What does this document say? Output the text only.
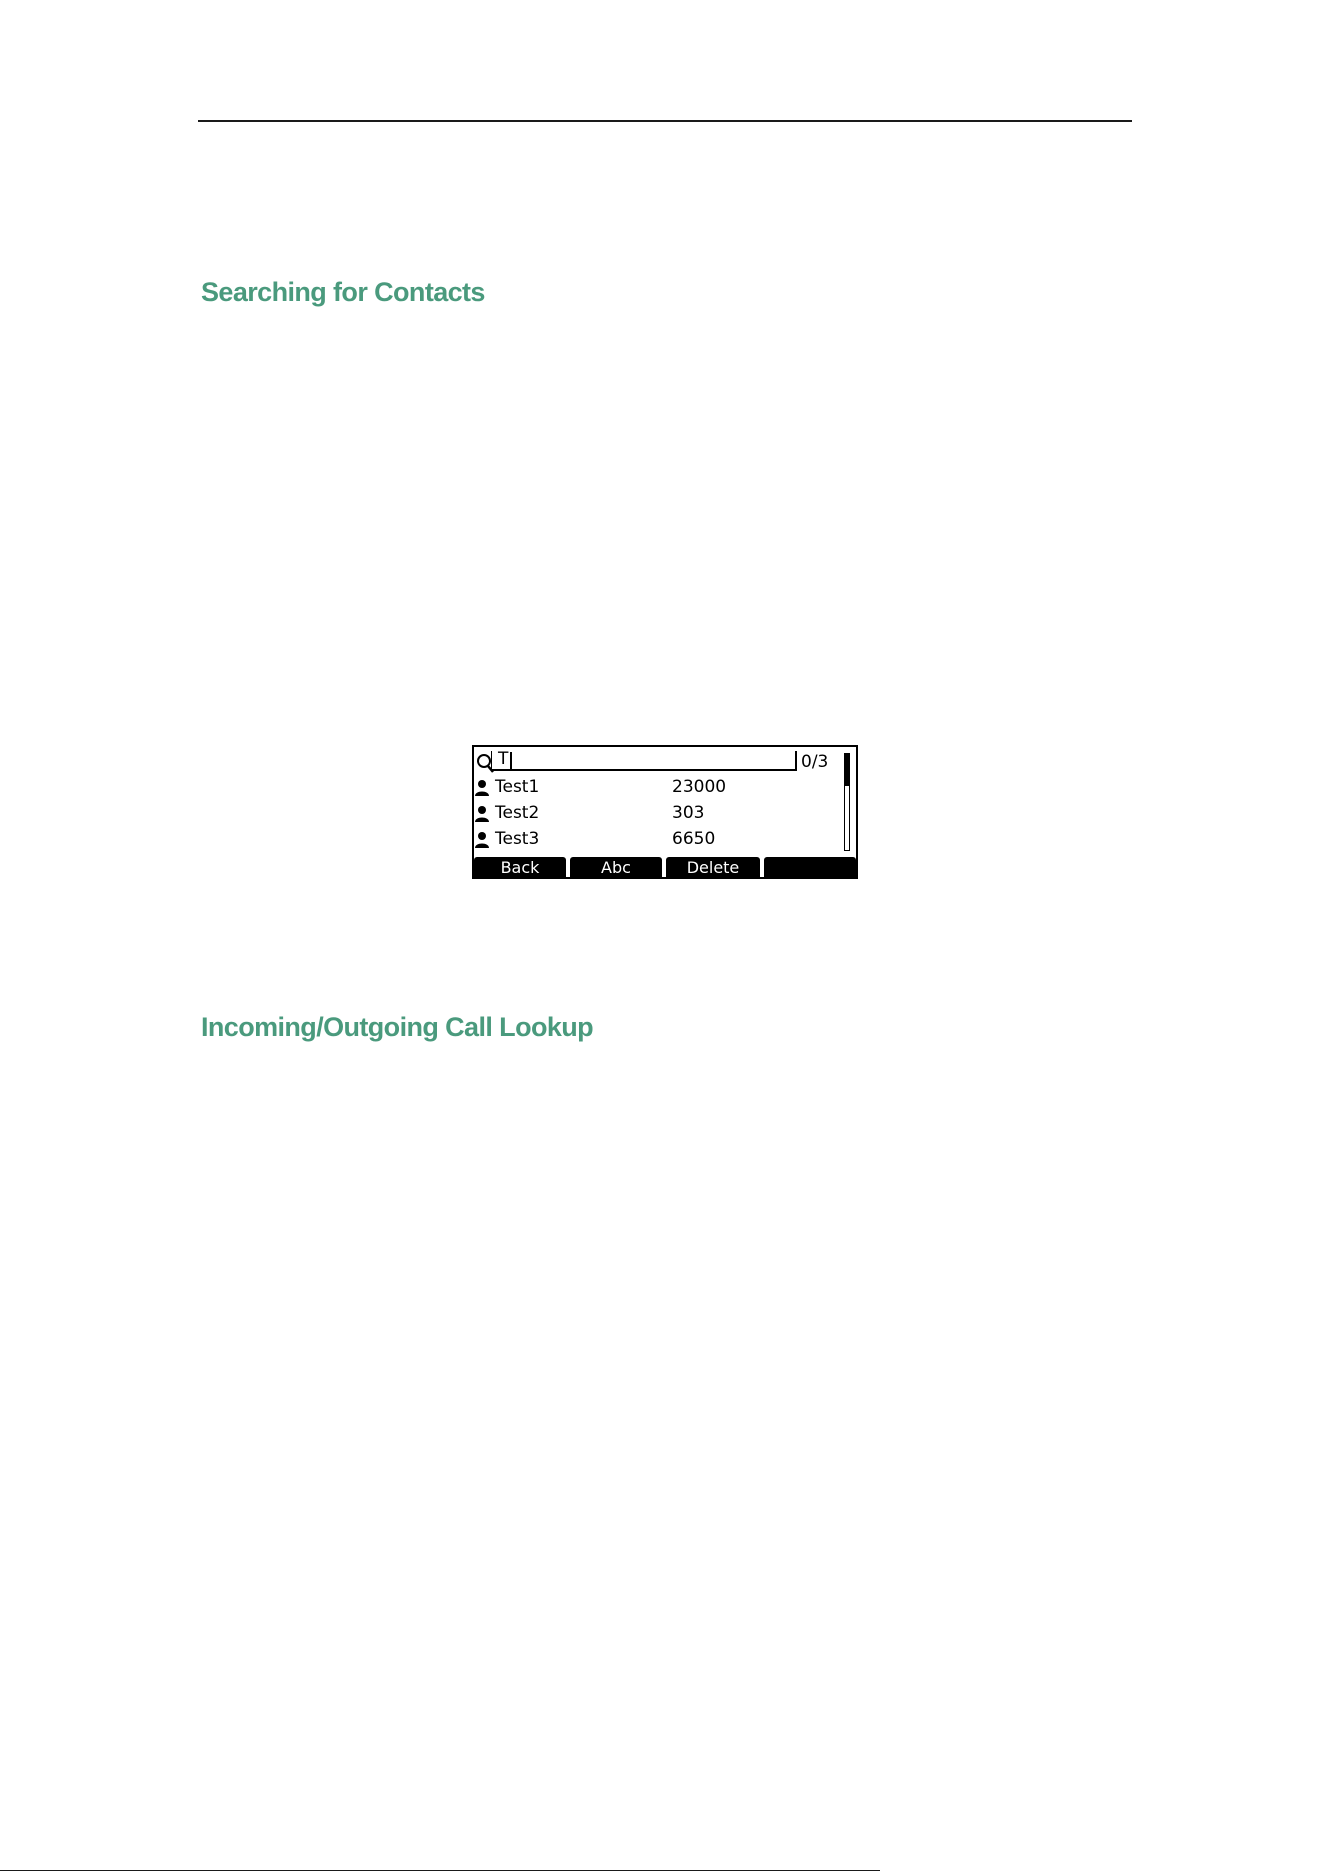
Searching for Contacts
T	0/3
Test1	23000
Test2	303
Test3	6650
Back	Abc	Delete
Incoming/Outgoing Call Lookup
